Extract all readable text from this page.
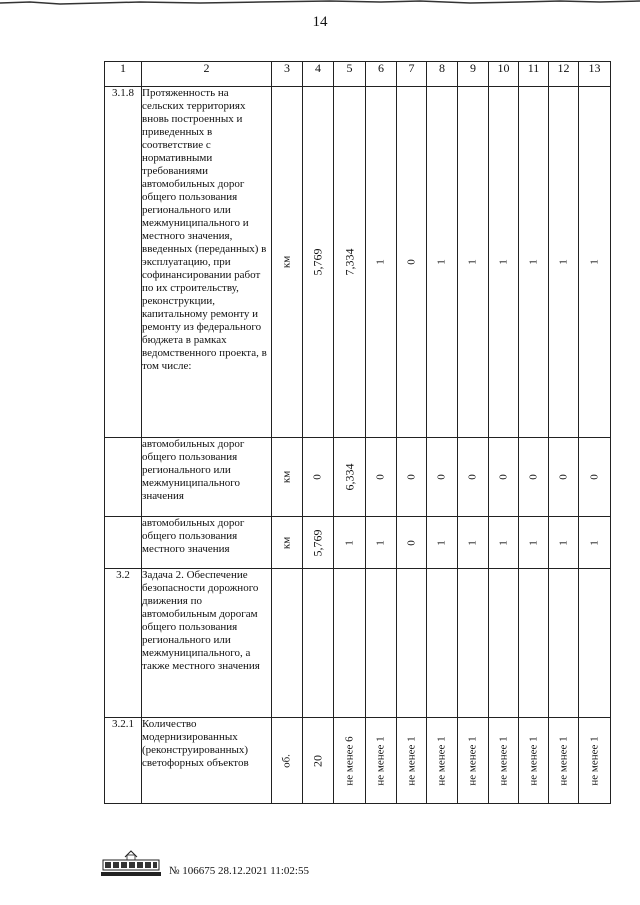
14
1	2	3	4	5	6	7	8	9	10	11	12	13
3.1.8	Протяженность на сельских территориях вновь построенных и приведенных в соответствие с нормативными требованиями автомобильных дорог общего пользования регионального или межмуниципального и местного значения, введенных (переданных) в эксплуатацию, при софинансировании работ по их строительству, реконструкции, капитальному ремонту и ремонту из федерального бюджета в рамках ведомственного проекта, в том числе:	км	5,769	7,334	1	0	1	1	1	1	1	1

	автомобильных дорог общего пользования регионального или межмуниципального значения	км	0	6,334	0	0	0	0	0	0	0	0

	автомобильных дорог общего пользования местного значения	км	5,769	1	1	0	1	1	1	1	1	1

3.2	Задача 2. Обеспечение безопасности дорожного движения по автомобильным дорогам общего пользования регионального или межмуниципального, а также местного значения	

3.2.1	Количество модернизированных (реконструированных) светофорных объектов	об.	20	не менее 6	не менее 1	не менее 1	не менее 1	не менее 1	не менее 1	не менее 1	не менее 1	не менее 1
№ 106675 28.12.2021 11:02:55
